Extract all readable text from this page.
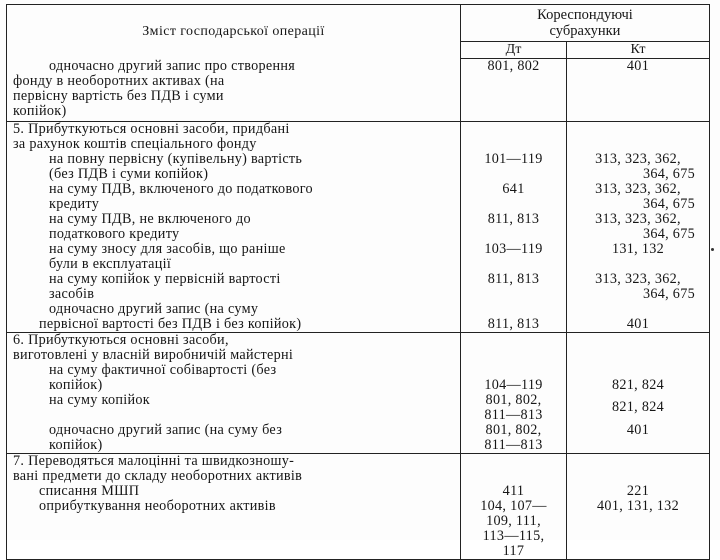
Зміст господарської операції	Кореспондуючі
субрахунки	

	Дт	Кт

одночасно другий запис про створення
фонду в необоротних активах (на
первісну вартість без ПДВ і суми
копійок)	801, 802	401

5. Прибуткуються основні засоби, придбані
за рахунок коштів спеціального фонду		

на повну первісну (купівельну) вартість
(без ПДВ і суми копійок)	101—119	313, 323, 362,
364, 675

на суму ПДВ, включеного до податкового
кредиту	641	313, 323, 362,
364, 675

на суму ПДВ, не включеного до
податкового кредиту	811, 813	313, 323, 362,
364, 675

на суму зносу для засобів, що раніше
були в експлуатації	103—119	131, 132

на суму копійок у первісній вартості
засобів	811, 813	313, 323, 362,
364, 675

одночасно другий запис (на суму
первісної вартості без ПДВ і без копійок)	811, 813	401

6. Прибуткуються основні засоби,
виготовлені у власній виробничій майстерні		

на суму фактичної собівартості (без
копійок)	104—119	821, 824

на суму копійок	801, 802,
811—813	821, 824

одночасно другий запис (на суму без
копійок)	801, 802,
811—813	401

7. Переводяться малоцінні та швидкозношу-
вані предмети до складу необоротних активів		

списання МШП	411	221

оприбуткування необоротних активів	104, 107—
109, 111,
113—115,
117	401, 131, 132
